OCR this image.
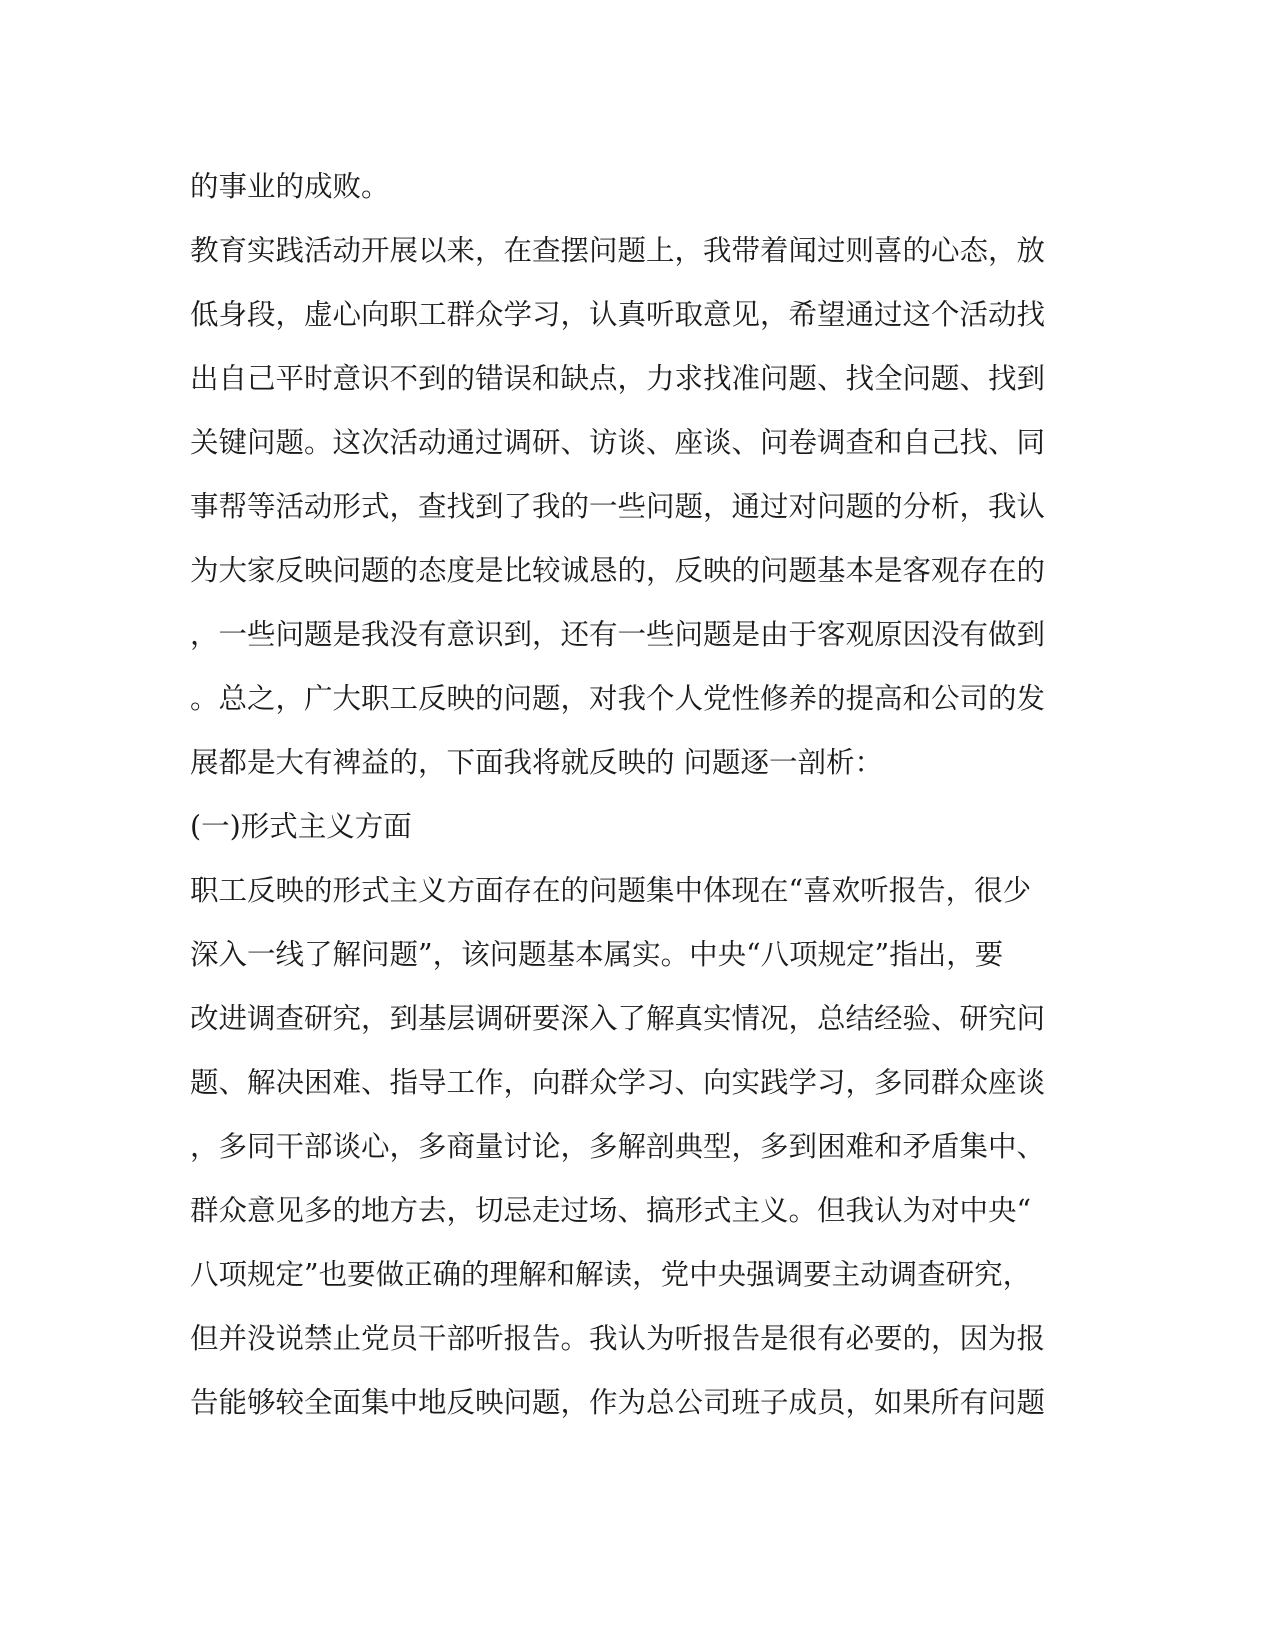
的事业的成败。
教育实践活动开展以来，在查摆问题上，我带着闻过则喜的心态，放
低身段，虚心向职工群众学习，认真听取意见，希望通过这个活动找
出自己平时意识不到的错误和缺点，力求找准问题、找全问题、找到
关键问题。这次活动通过调研、访谈、座谈、问卷调查和自己找、同
事帮等活动形式，查找到了我的一些问题，通过对问题的分析，我认
为大家反映问题的态度是比较诚恳的，反映的问题基本是客观存在的
，一些问题是我没有意识到，还有一些问题是由于客观原因没有做到
。总之，广大职工反映的问题，对我个人党性修养的提高和公司的发
展都是大有裨益的，下面我将就反映的 问题逐一剖析：
(一)形式主义方面
职工反映的形式主义方面存在的问题集中体现在“喜欢听报告，很少
深入一线了解问题”，该问题基本属实。中央“八项规定”指出，要
改进调查研究，到基层调研要深入了解真实情况，总结经验、研究问
题、解决困难、指导工作，向群众学习、向实践学习，多同群众座谈
，多同干部谈心，多商量讨论，多解剖典型，多到困难和矛盾集中、
群众意见多的地方去，切忌走过场、搞形式主义。但我认为对中央“
八项规定”也要做正确的理解和解读，党中央强调要主动调查研究，
但并没说禁止党员干部听报告。我认为听报告是很有必要的，因为报
告能够较全面集中地反映问题，作为总公司班子成员，如果所有问题
